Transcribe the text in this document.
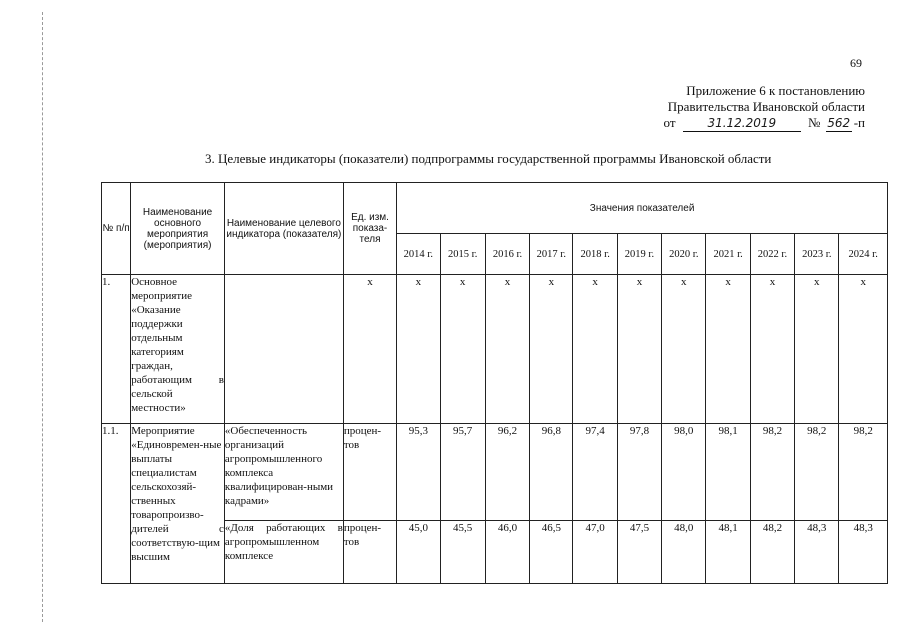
69
Приложение 6 к постановлению
Правительства Ивановской области
от	31.12.2019 № 562 -п
3. Целевые индикаторы (показатели) подпрограммы государственной программы Ивановской области
№ п/п	Наименование основного мероприятия (мероприятия)	Наименование целевого индикатора (показателя)	Ед. изм. показа-теля	Значения показателей										
				2014 г.	2015 г.	2016 г.	2017 г.	2018 г.	2019 г.	2020 г.	2021 г.	2022 г.	2023 г.	2024 г.
1.	Основное мероприятие «Оказание поддержки отдельным категориям граждан, работающим в сельской местности»		х	х	х	х	х	х	х	х	х	х	х	х
1.1.	Мероприятие «Единовремен-ные выплаты специалистам сельскохозяй-ственных товаропроизво-дителей с соответствую-щим высшим	«Обеспеченность организаций агропромышленного комплекса квалифицирован-ными кадрами»	процен-тов	95,3	95,7	96,2	96,8	97,4	97,8	98,0	98,1	98,2	98,2	98,2
		«Доля работающих в агропромышленном комплексе	процен-тов	45,0	45,5	46,0	46,5	47,0	47,5	48,0	48,1	48,2	48,3	48,3
